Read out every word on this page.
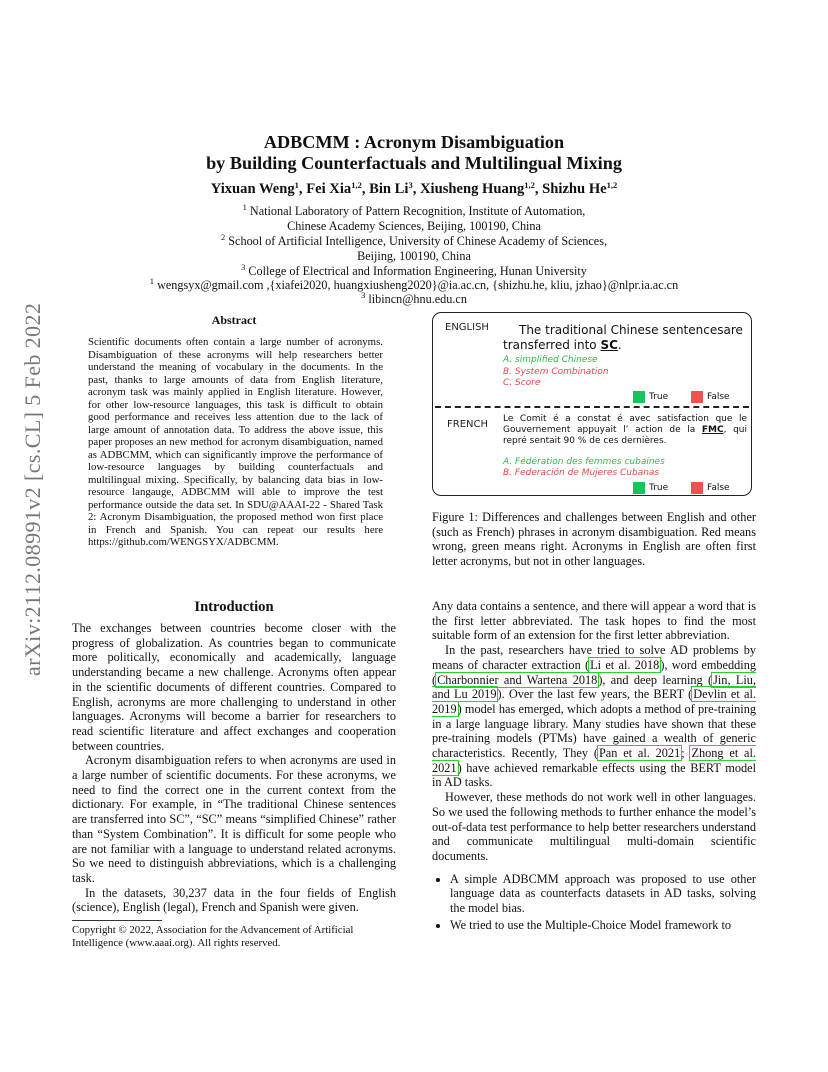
arXiv:2112.08991v2 [cs.CL] 5 Feb 2022
ADBCMM : Acronym Disambiguation
by Building Counterfactuals and Multilingual Mixing
Yixuan Weng$^1$, Fei Xia$^{1,2}$, Bin Li$^3$, Xiusheng Huang$^{1,2}$, Shizhu He$^{1,2}$
$^1$ National Laboratory of Pattern Recognition, Institute of Automation,
Chinese Academy Sciences, Beijing, 100190, China
$^2$ School of Artificial Intelligence, University of Chinese Academy of Sciences,
Beijing, 100190, China
$^3$ College of Electrical and Information Engineering, Hunan University
$^1$ wengsyx@gmail.com ,{xiafei2020, huangxiusheng2020}@ia.ac.cn, {shizhu.he, kliu, jzhao}@nlpr.ia.ac.cn
$^3$ libincn@hnu.edu.cn
Abstract
Scientific documents often contain a large number of acronyms. Disambiguation of these acronyms will help researchers better understand the meaning of vocabulary in the documents. In the past, thanks to large amounts of data from English literature, acronym task was mainly applied in English literature. However, for other low-resource languages, this task is difficult to obtain good performance and receives less attention due to the lack of large amount of annotation data. To address the above issue, this paper proposes an new method for acronym disambiguation, named as ADBCMM, which can significantly improve the performance of low-resource languages by building counterfactuals and multilingual mixing. Specifically, by balancing data bias in low-resource langauge, ADBCMM will able to improve the test performance outside the data set. In SDU@AAAI-22 - Shared Task 2: Acronym Disambiguation, the proposed method won first place in French and Spanish. You can repeat our results here https://github.com/WENGSYX/ADBCMM.
Introduction

The exchanges between countries become closer with the progress of globalization. As countries began to communicate more politically, economically and academically, language understanding became a new challenge. Acronyms often appear in the scientific documents of different countries. Compared to English, acronyms are more challenging to understand in other languages. Acronyms will become a barrier for researchers to read scientific literature and affect exchanges and cooperation between countries.

Acronym disambiguation refers to when acronyms are used in a large number of scientific documents. For these acronyms, we need to find the correct one in the current context from the dictionary. For example, in “The traditional Chinese sentences are transferred into SC”, “SC” means “simplified Chinese” rather than “System Combination”. It is difficult for some people who are not familiar with a language to understand related acronyms. So we need to distinguish abbreviations, which is a challenging task.

In the datasets, 30,237 data in the four fields of English (science), English (legal), French and Spanish were given.

Copyright © 2022, Association for the Advancement of Artificial Intelligence (www.aaai.org). All rights reserved.
ENGLISH	The traditional Chinese sentencesare
transferred into SC.
A. simplified Chinese
B. System Combination
C. Score
True	False
FRENCH Le Comit é a constat é avec satisfaction que le Gouvernement appuyait l’ action de la FMC, qui repré sentait 90 % de ces dernières.
A. Fédération des femmes cubaines
B. Federación de Mujeres Cubanas
True	False
Figure 1: Differences and challenges between English and other (such as French) phrases in acronym disambiguation. Red means wrong, green means right. Acronyms in English are often first letter acronyms, but not in other languages.

Any data contains a sentence, and there will appear a word that is the first letter abbreviated. The task hopes to find the most suitable form of an extension for the first letter abbreviation.

In the past, researchers have tried to solve AD problems by means of character extraction (Li et al. 2018), word embedding (Charbonnier and Wartena 2018), and deep learning (Jin, Liu, and Lu 2019). Over the last few years, the BERT (Devlin et al. 2019) model has emerged, which adopts a method of pre-training in a large language library. Many studies have shown that these pre-training models (PTMs) have gained a wealth of generic characteristics. Recently, They (Pan et al. 2021; Zhong et al. 2021) have achieved remarkable effects using the BERT model in AD tasks.

However, these methods do not work well in other languages. So we used the following methods to further enhance the model’s out-of-data test performance to help better researchers understand and communicate multilingual multi-domain scientific documents.

• A simple ADBCMM approach was proposed to use other language data as counterfacts datasets in AD tasks, solving the model bias.
• We tried to use the Multiple-Choice Model framework to
